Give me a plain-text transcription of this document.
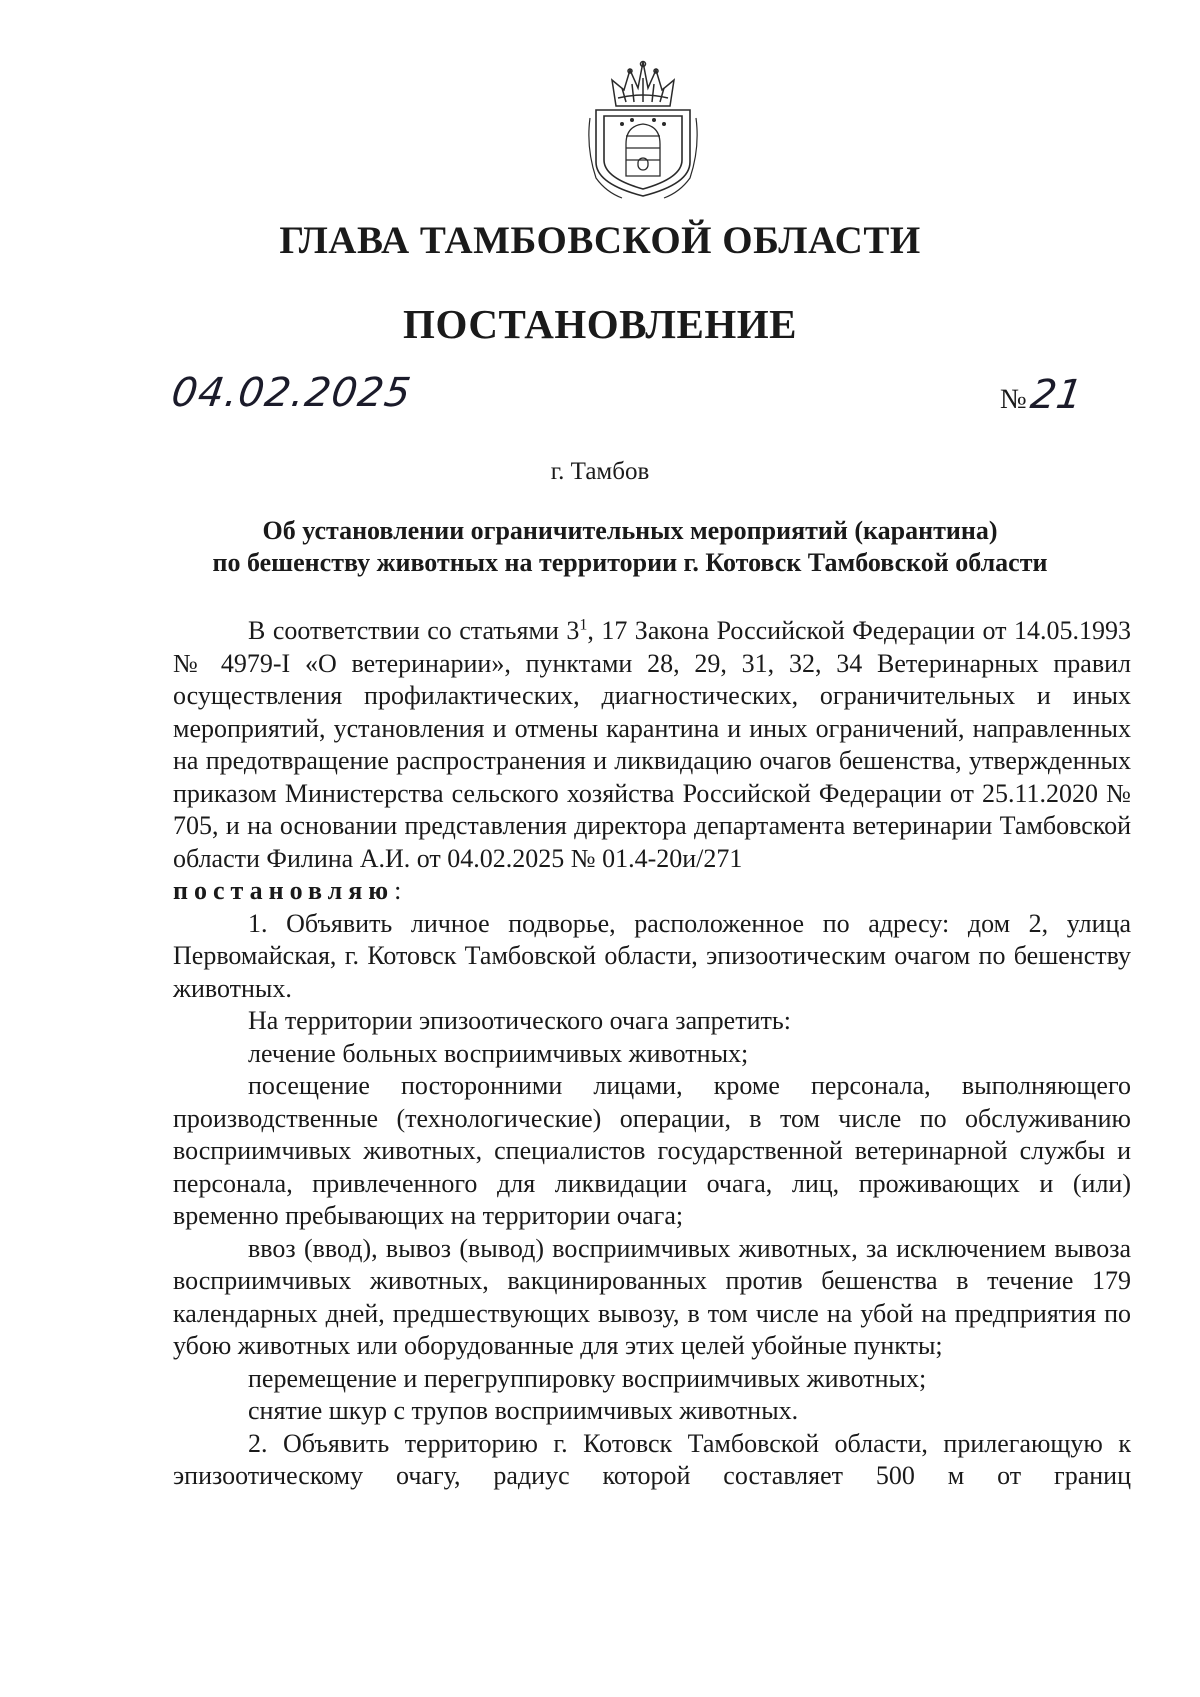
ГЛАВА ТАМБОВСКОЙ ОБЛАСТИ
ПОСТАНОВЛЕНИЕ
04.02.2025	№21
г. Тамбов
Об установлении ограничительных мероприятий (карантина)
по бешенству животных на территории г. Котовск Тамбовской области

В соответствии со статьями $3^1$, 17 Закона Российской Федерации от 14.05.1993 № 4979-I «О ветеринарии», пунктами 28, 29, 31, 32, 34 Ветеринарных правил осуществления профилактических, диагностических, ограничительных и иных мероприятий, установления и отмены карантина и иных ограничений, направленных на предотвращение распространения и ликвидацию очагов бешенства, утвержденных приказом Министерства сельского хозяйства Российской Федерации от 25.11.2020 № 705, и на основании представления директора департамента ветеринарии Тамбовской области Филина А.И. от 04.02.2025 № 01.4-20и/271

постановляю:

1. Объявить личное подворье, расположенное по адресу: дом 2, улица Первомайская, г. Котовск Тамбовской области, эпизоотическим очагом по бешенству животных.

На территории эпизоотического очага запретить:

лечение больных восприимчивых животных;

посещение посторонними лицами, кроме персонала, выполняющего производственные (технологические) операции, в том числе по обслуживанию восприимчивых животных, специалистов государственной ветеринарной службы и персонала, привлеченного для ликвидации очага, лиц, проживающих и (или) временно пребывающих на территории очага;

ввоз (ввод), вывоз (вывод) восприимчивых животных, за исключением вывоза восприимчивых животных, вакцинированных против бешенства в течение 179 календарных дней, предшествующих вывозу, в том числе на убой на предприятия по убою животных или оборудованные для этих целей убойные пункты;

перемещение и перегруппировку восприимчивых животных;

снятие шкур с трупов восприимчивых животных.

2. Объявить территорию г. Котовск Тамбовской области, прилегающую к эпизоотическому очагу, радиус которой составляет 500 м от границ
